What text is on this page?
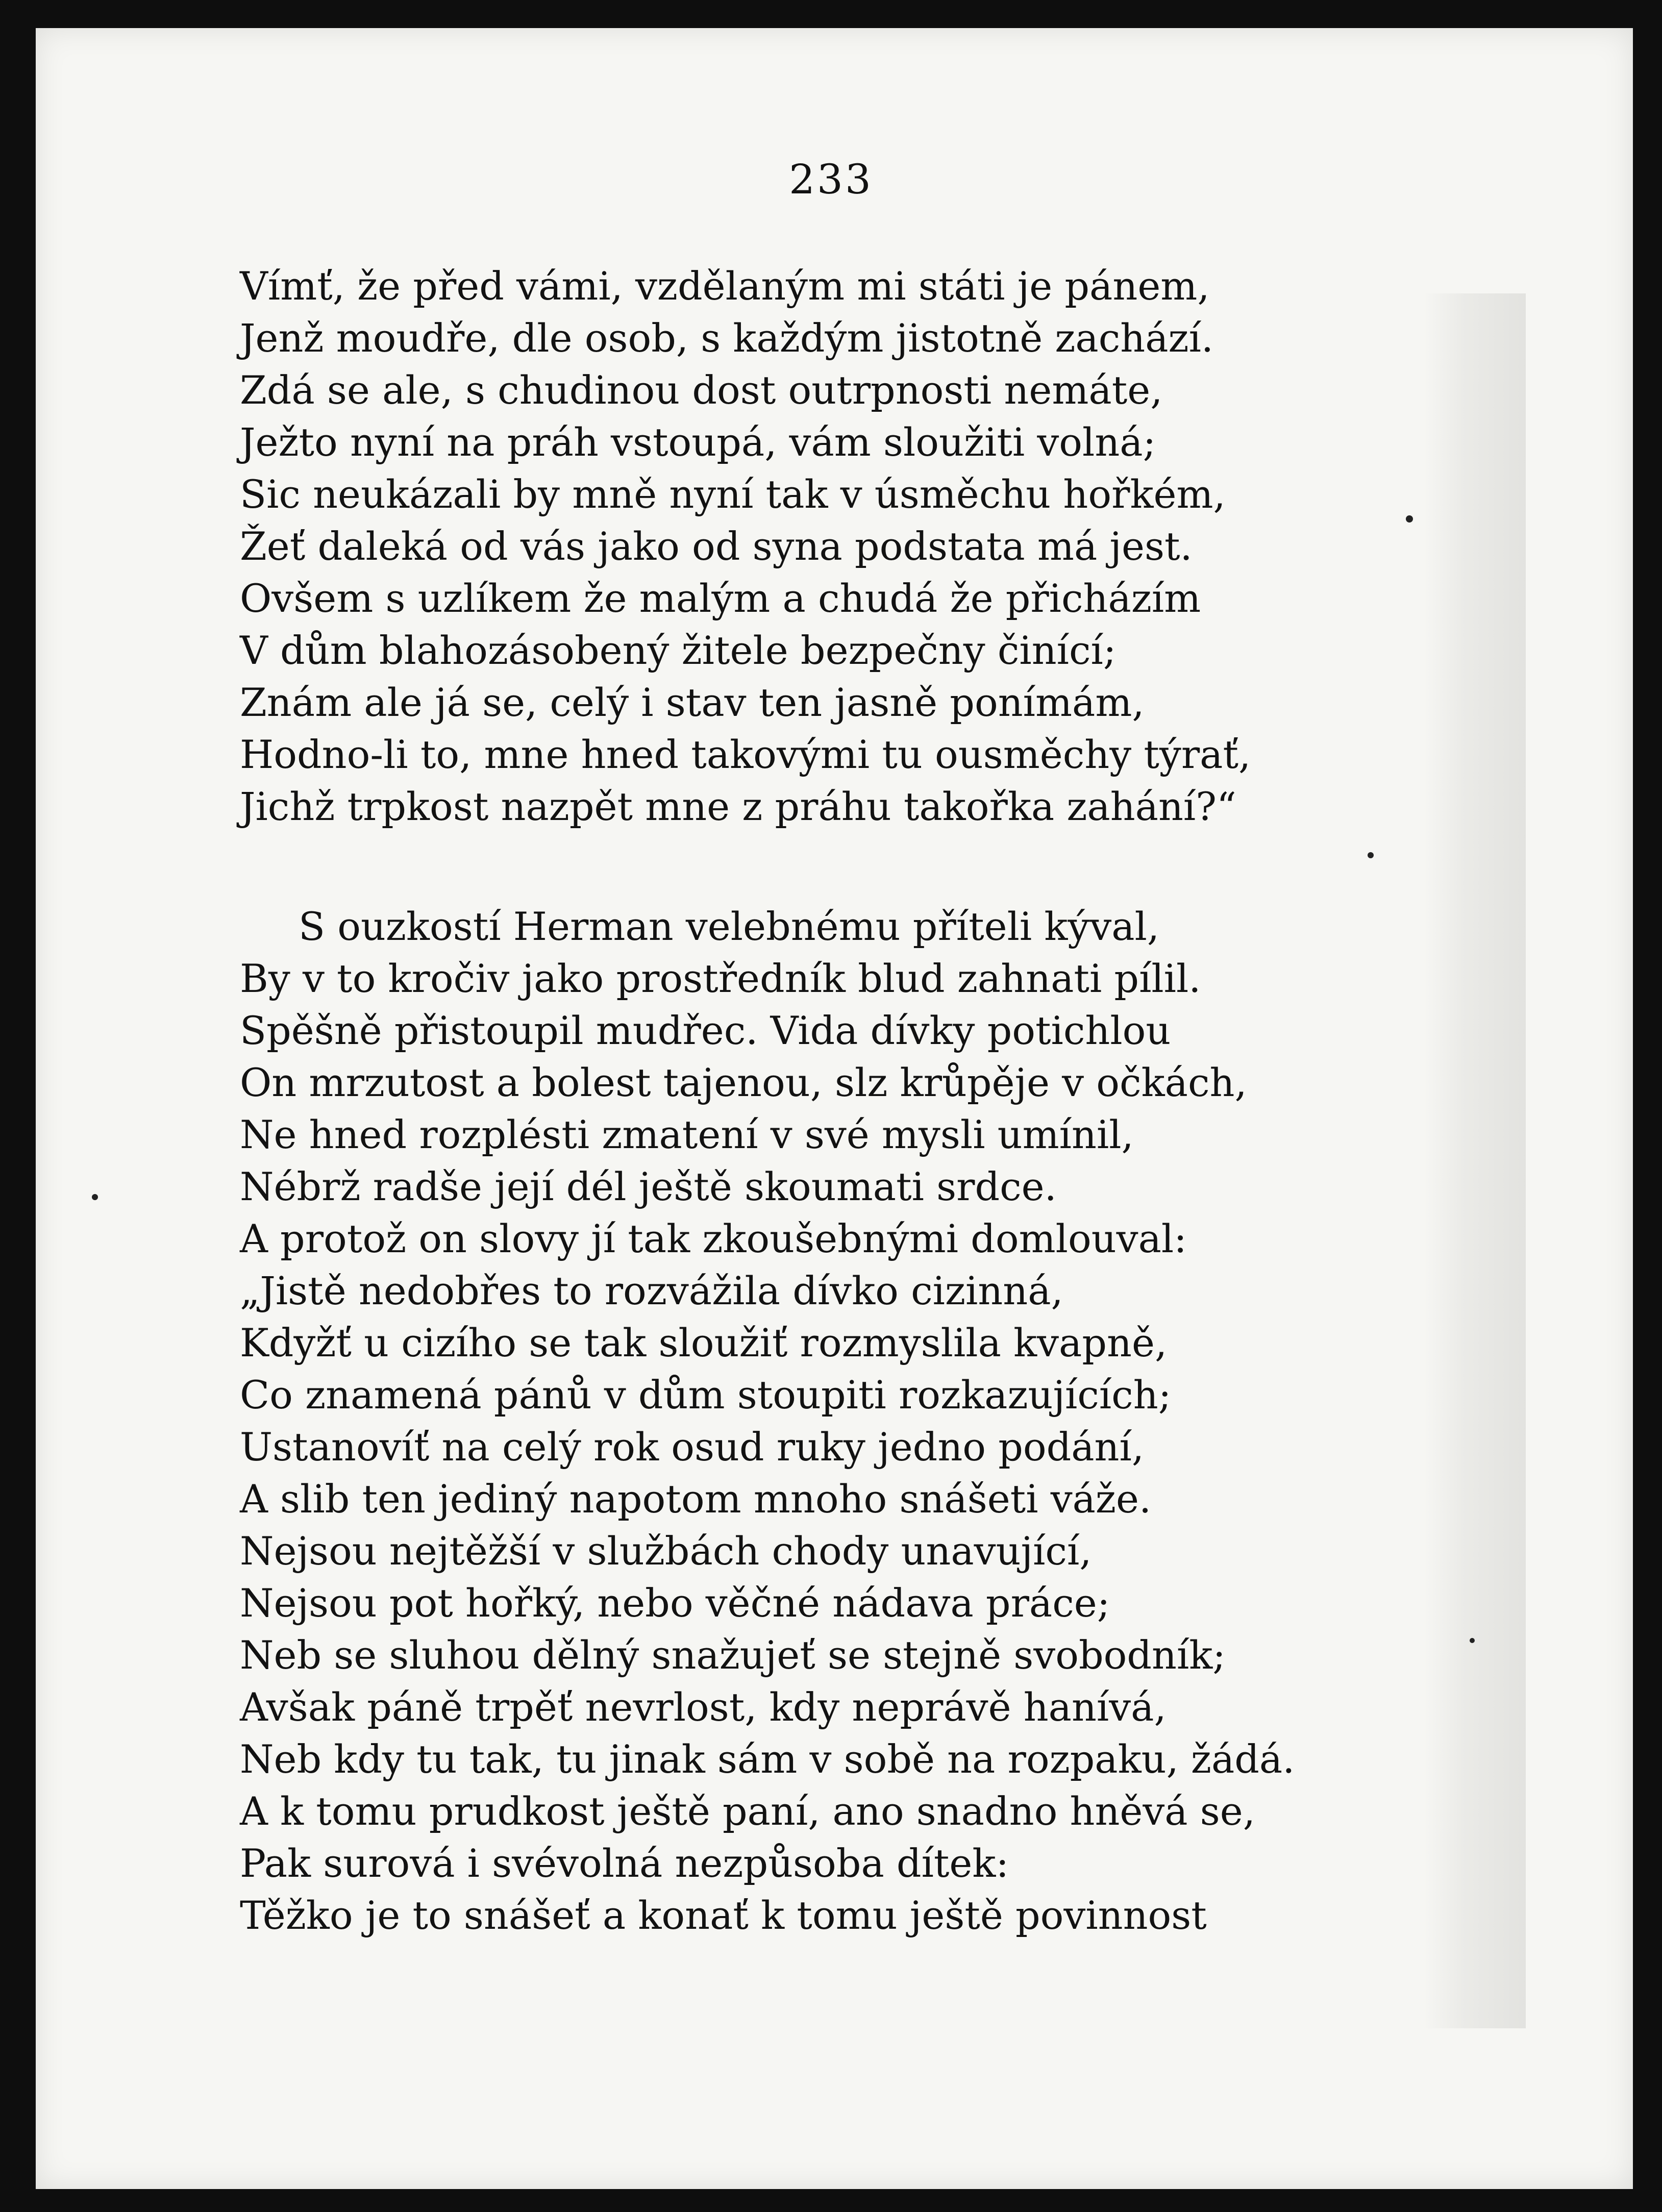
233

Vímť, že před vámi, vzdělaným mi státi je pánem,
Jenž moudře, dle osob, s každým jistotně zachází.
Zdá se ale, s chudinou dost outrpnosti nemáte,
Ježto nyní na práh vstoupá, vám sloužiti volná;
Sic neukázali by mně nyní tak v úsměchu hořkém,
Žeť daleká od vás jako od syna podstata má jest.
Ovšem s uzlíkem že malým a chudá že přicházím
V dům blahozásobený žitele bezpečny činící;
Znám ale já se, celý i stav ten jasně ponímám,
Hodno-li to, mne hned takovými tu ousměchy týrať,
Jichž trpkost nazpět mne z práhu takořka zahání?“
S ouzkostí Herman velebnému příteli kýval,
By v to kročiv jako prostředník blud zahnati pílil.
Spěšně přistoupil mudřec. Vida dívky potichlou
On mrzutost a bolest tajenou, slz krůpěje v očkách,
Ne hned rozplésti zmatení v své mysli umínil,
Nébrž radše její dél ještě skoumati srdce.
A protož on slovy jí tak zkoušebnými domlouval:
„Jistě nedobřes to rozvážila dívko cizinná,
Kdyžť u cizího se tak sloužiť rozmyslila kvapně,
Co znamená pánů v dům stoupiti rozkazujících;
Ustanovíť na celý rok osud ruky jedno podání,
A slib ten jediný napotom mnoho snášeti váže.
Nejsou nejtěžší v službách chody unavující,
Nejsou pot hořký, nebo věčné nádava práce;
Neb se sluhou dělný snažujeť se stejně svobodník;
Avšak páně trpěť nevrlost, kdy neprávě hanívá,
Neb kdy tu tak, tu jinak sám v sobě na rozpaku, žádá.
A k tomu prudkost ještě paní, ano snadno hněvá se,
Pak surová i svévolná nezpůsoba dítek:
Těžko je to snášeť a konať k tomu ještě povinnost
